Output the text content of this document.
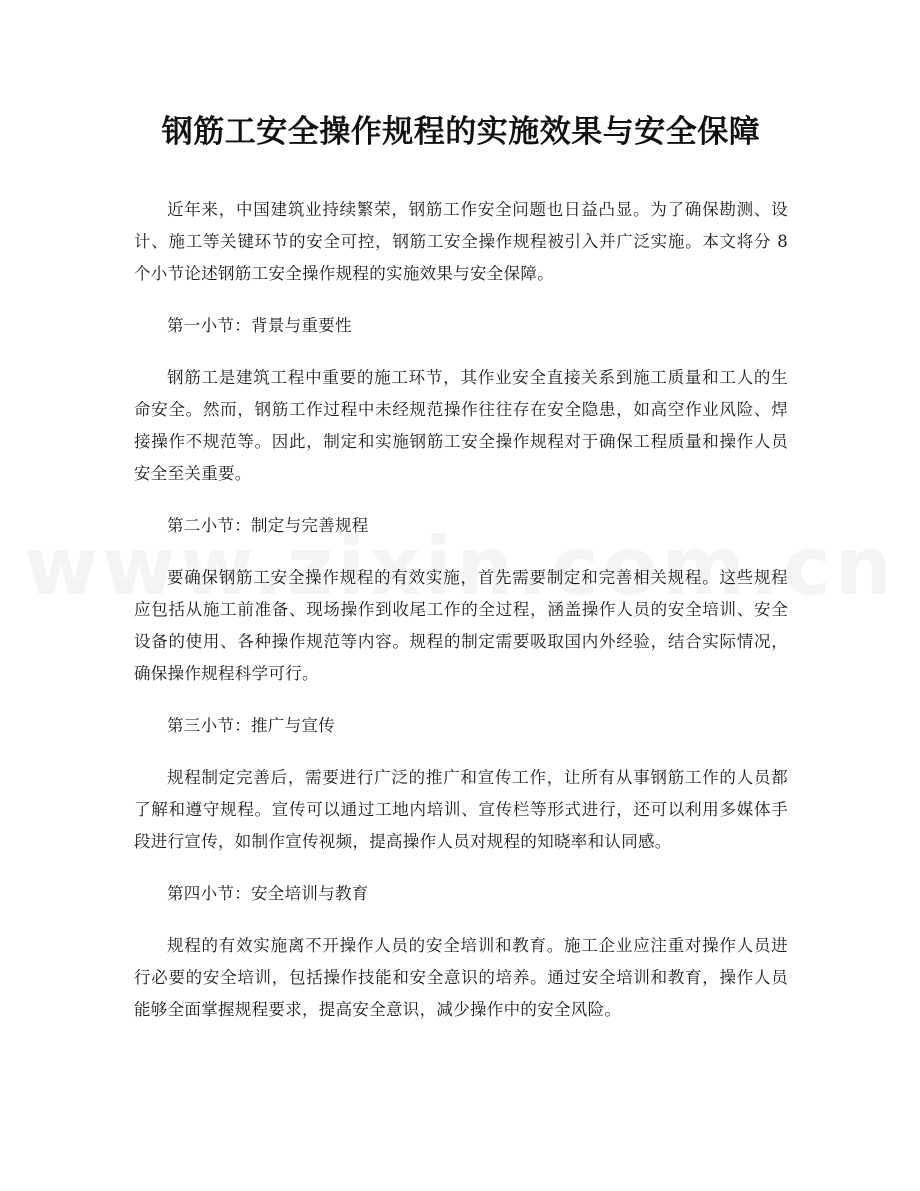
钢筋工安全操作规程的实施效果与安全保障

近年来，中国建筑业持续繁荣，钢筋工作安全问题也日益凸显。为了确保勘测、设计、施工等关键环节的安全可控，钢筋工安全操作规程被引入并广泛实施。本文将分 8 个小节论述钢筋工安全操作规程的实施效果与安全保障。

第一小节：背景与重要性

钢筋工是建筑工程中重要的施工环节，其作业安全直接关系到施工质量和工人的生命安全。然而，钢筋工作过程中未经规范操作往往存在安全隐患，如高空作业风险、焊接操作不规范等。因此，制定和实施钢筋工安全操作规程对于确保工程质量和操作人员安全至关重要。

第二小节：制定与完善规程

要确保钢筋工安全操作规程的有效实施，首先需要制定和完善相关规程。这些规程应包括从施工前准备、现场操作到收尾工作的全过程，涵盖操作人员的安全培训、安全设备的使用、各种操作规范等内容。规程的制定需要吸取国内外经验，结合实际情况，确保操作规程科学可行。

第三小节：推广与宣传

规程制定完善后，需要进行广泛的推广和宣传工作，让所有从事钢筋工作的人员都了解和遵守规程。宣传可以通过工地内培训、宣传栏等形式进行，还可以利用多媒体手段进行宣传，如制作宣传视频，提高操作人员对规程的知晓率和认同感。

第四小节：安全培训与教育

规程的有效实施离不开操作人员的安全培训和教育。施工企业应注重对操作人员进行必要的安全培训，包括操作技能和安全意识的培养。通过安全培训和教育，操作人员能够全面掌握规程要求，提高安全意识，减少操作中的安全风险。
